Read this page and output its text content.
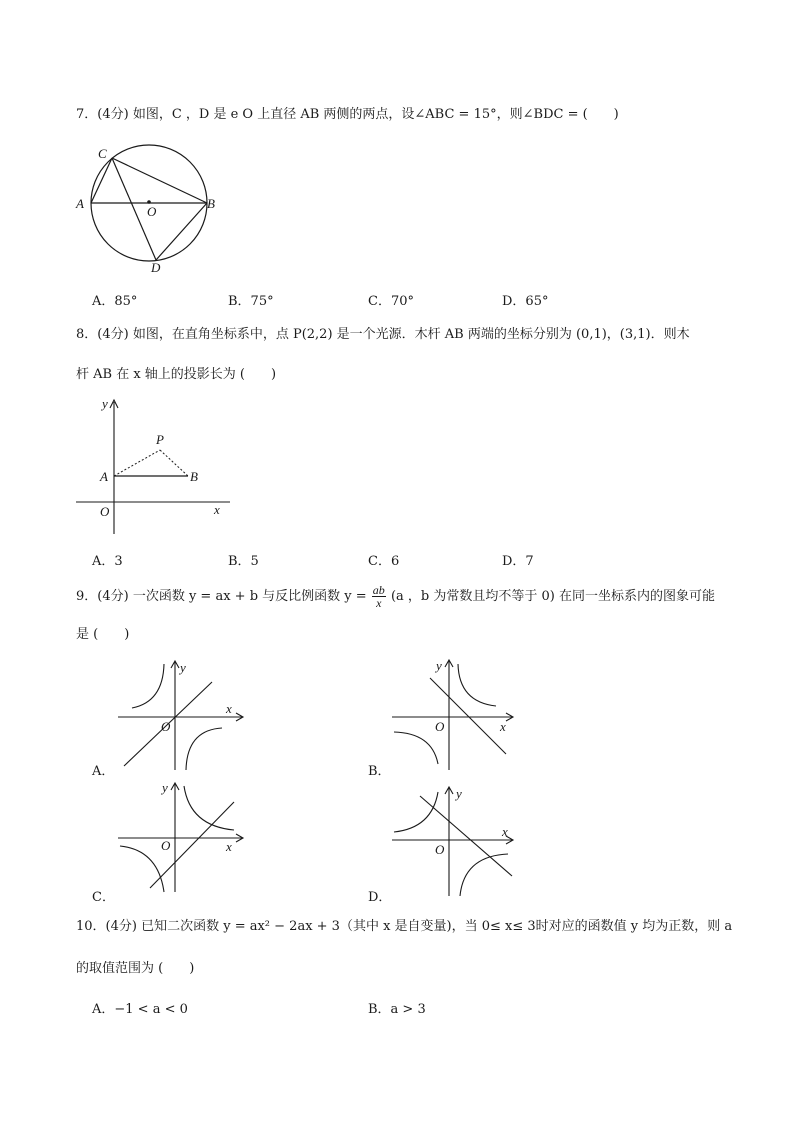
7．(4分) 如图，C ，D 是 e O 上直径 AB 两侧的两点，设∠ABC = 15°，则∠BDC = (　　)
C
A
O
B
D
A．85°	B．75°	C．70°	D．65°
8．(4分) 如图，在直角坐标系中，点 P(2,2) 是一个光源．木杆 AB 两端的坐标分别为 (0,1)，(3,1)．则木
杆 AB 在 x 轴上的投影长为 (　　)
y
P
A	B
O	x
A．3	B．5	C．6	D．7
9．(4分) 一次函数 y = ax + b 与反比例函数 $y = \frac{ab}{x} (a$ ，b 为常数且均不等于 0) 在同一坐标系内的图象可能
是 (　　)
y
x
O
A．
y
x
O
B．
y
x
O
C．
y
x
O
D．
10．(4分) 已知二次函数 y = ax² − 2ax + 3（其中 x 是自变量)，当 0≤ x≤ 3时对应的函数值 y 均为正数，则 a
的取值范围为 (　　)
A．−1 < a < 0	B．a > 3
